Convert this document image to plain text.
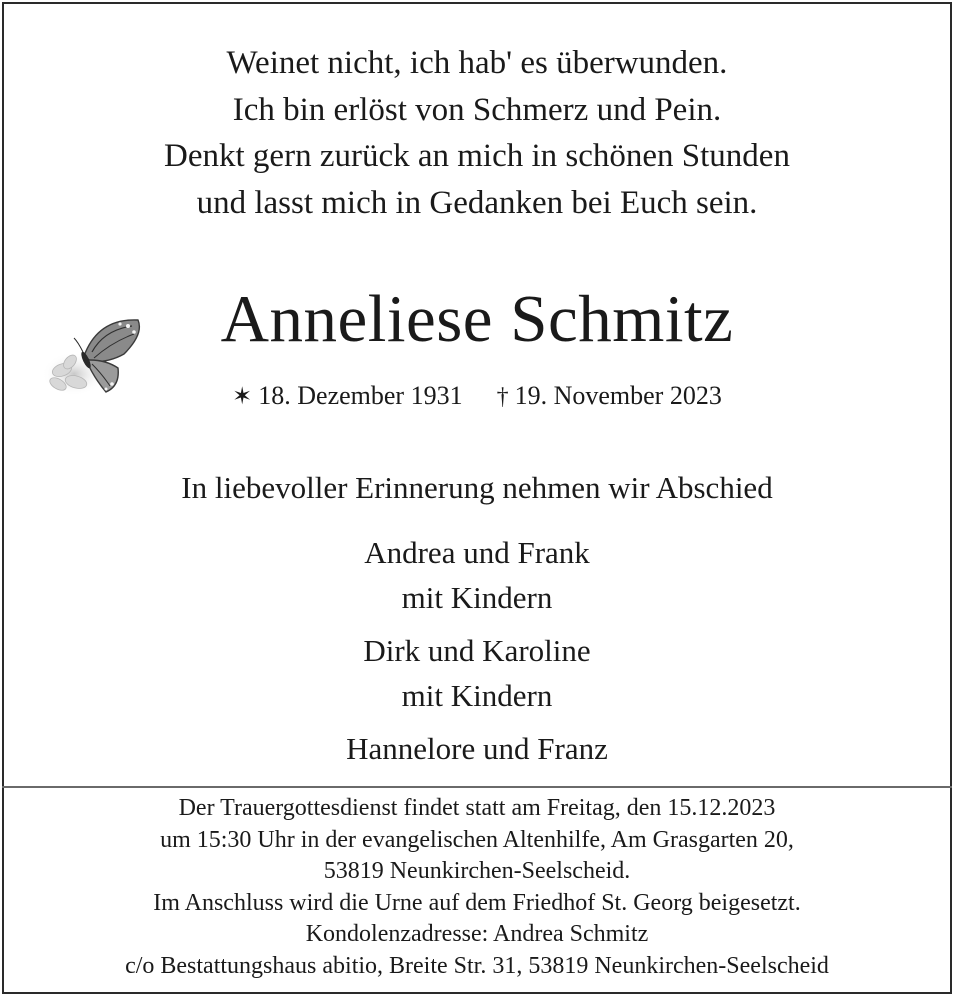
Weinet nicht, ich hab' es überwunden.
Ich bin erlöst von Schmerz und Pein.
Denkt gern zurück an mich in schönen Stunden
und lasst mich in Gedanken bei Euch sein.
Anneliese Schmitz
✶ 18. Dezember 1931 † 19. November 2023
In liebevoller Erinnerung nehmen wir Abschied
Andrea und Frank
mit Kindern
Dirk und Karoline
mit Kindern
Hannelore und Franz
Der Trauergottesdienst findet statt am Freitag, den 15.12.2023
um 15:30 Uhr in der evangelischen Altenhilfe, Am Grasgarten 20,
53819 Neunkirchen-Seelscheid.
Im Anschluss wird die Urne auf dem Friedhof St. Georg beigesetzt.
Kondolenzadresse: Andrea Schmitz
c/o Bestattungshaus abitio, Breite Str. 31, 53819 Neunkirchen-Seelscheid
